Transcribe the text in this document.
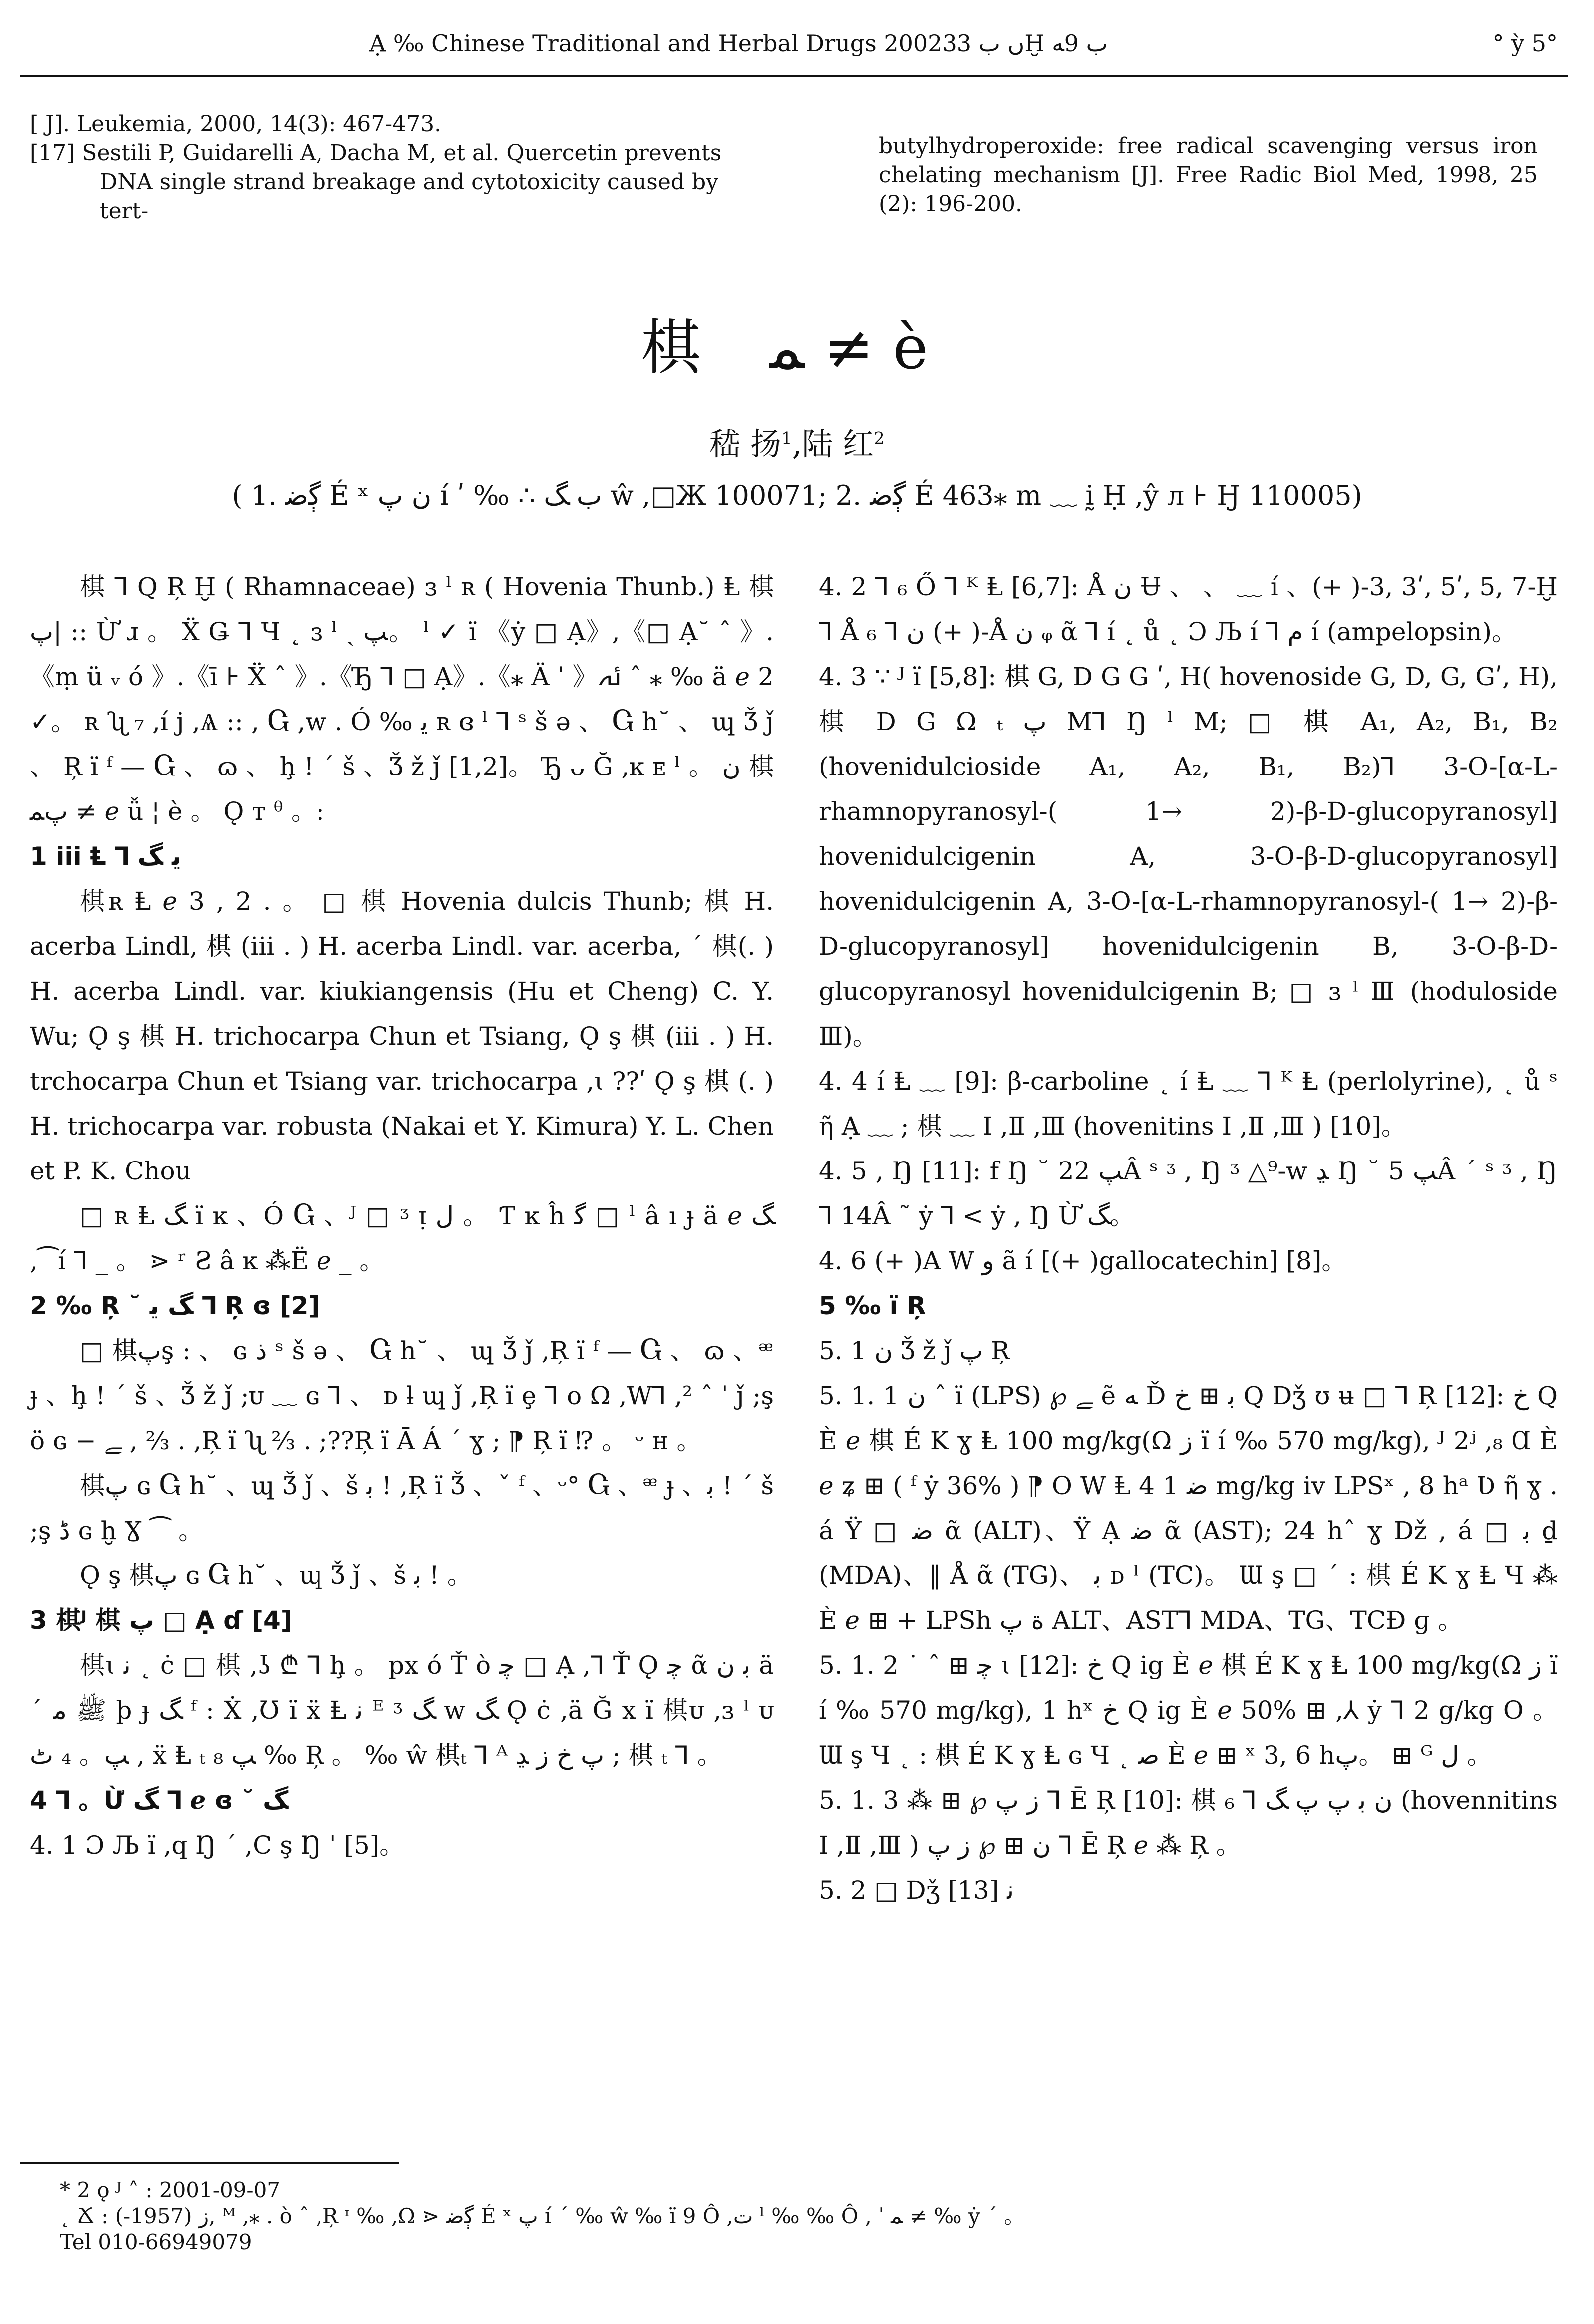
Ạ ‰ Chinese Traditional and Herbal Drugs 2002ں ب 33Ḫ ب 9ﻪ	° ỳ 5°

[ J]. Leukemia, 2000, 14(3): 467-473.

[17] Sestili P, Guidarelli A, Dacha M, et al. Quercetin prevents DNA single strand breakage and cytotoxicity caused by tert-

butylhydroperoxide: free radical scavenging versus iron chelating mechanism [J]. Free Radic Biol Med, 1998, 25 (2): 196-200.

棋 ﻤ ≠ è
嵇 扬$^1$,陆 红$^2$
( 1. ﮘﺿ É ˣ ﻥ ﭖ í ʹ ‰ ∴ ب ﮓ ŵ ,□Ж 100071; 2. ﮘﺿ É 463⁎ m ﹏ ḭ Ḥ ,ŷ л ⊦ Ӈ 110005)

棋 ⅂ Q Ŗ Ḫ ( Rhamnaceae) ɜ ˡ ʀ ( Hovenia Thunb.) Ⱡ 棋ﭖ| :: Ừ ɹ 。 Ẍ Ǥ ⅂ Ч ˛ ɜ ˡ ˎ ﭗ。 ˡ ✓ ï 《ẏ □ Ạ》,《□ Ạ˘ ˆ 》.《ṃ ü ᵥ ó 》.《ī ⊦ Ẍ ˆ 》.《Ђ ⅂ □ Ạ》.《⁎ Ä ˈ 》ﯬ ˆ ⁎ ‰ ä ℯ 2 ✓。 ʀ ʯ ₇ ,í j ,Ѧ :: , Ⴚ ,w . Ó ‰ ﯾ ʀ ɞ ˡ ⅂ ˢ š ǝ 、 Ⴚ h˘ 、 ɰ Ǯ ǰ 、 Ŗ ï ᶠ — Ⴚ 、 ɷ 、 ḩ ! ´ š 、Ǯ ž ǰ [1,2]。 Ђ ᴗ Ğ ,ĸ ᴇ ˡ 。 ﻥ 棋ﭖﻤ ≠ ℯ ǚ ¦ è 。 Ǫ ᴛ ᶿ 。:

1 iii Ⱡ ⅂ ﻳ ﮓ

棋ʀ Ⱡ ℯ 3 , 2 . 。 □ 棋 Hovenia dulcis Thunb; 棋 H. acerba Lindl, 棋 (iii . ) H. acerba Lindl. var. acerba, ˊ 棋(. ) H. acerba Lindl. var. kiukiangensis (Hu et Cheng) C. Y. Wu; Ǫ ş 棋 H. trichocarpa Chun et Tsiang, Ǫ ş 棋 (iii . ) H. trchocarpa Chun et Tsiang var. trichocarpa ,ɩ ??ʹ Ǫ ş 棋 (. ) H. trichocarpa var. robusta (Nakai et Y. Kimura) Y. L. Chen et P. K. Chou

□ ʀ Ⱡ ﮓ ï ĸ 、Ó Ⴚ 、ᴶ □ ᶾ ᴉ ﻝ 。 Ƭ ĸ ĥ ﮔ □ ˡ â ı ɟ ä ℯ ﮓ ,⁀í ⅂ _ 。 ⋗ ʳ Ƨ â ĸ ⁂Ë ℯ _ 。

2 ‰ Ŗ ˘ ﮓ ﻳ ⅂ Ŗ ɞ [2]

□ 棋ﭖş : 、 ɢ ﺫ ˢ š ǝ 、 Ⴚ h˘ 、 ɰ Ǯ ǰ ,Ŗ ï ᶠ — Ⴚ 、 ɷ 、ᵆ ɟ 、ḩ ! ´ š 、Ǯ ž ǰ ;ᴜ ﹏ ɢ ⅂ 、 ᴅ ƚ ɰ ǰ ,Ŗ ï ȩ ⅂ o Ω ,W⅂ ,² ˆ ˈ ǰ ;ş ö ɢ − ﮯ , ⅔ . ,Ŗ ï ʯ ⅔ . ;??Ŗ ï Ā Á ˊ ɣ ; ⁋ Ŗ ï ⁉ 。 ᵕ ʜ 。

棋ﭖ ɢ Ⴚ h˘ 、ɰ Ǯ ǰ 、š ﺑ ! ,Ŗ ï Ǯ 、ˇ ᶠ 、ᵕ° Ⴚ 、ᵆ ɟ 、ﺑ ! ´ š ;ş ﮈ ɢ ḫ Ɣ ⁀ 。

Ǫ ş 棋ﭖ ɢ Ⴚ h˘ 、ɰ Ǯ ǰ 、š ﺑ ! 。

3 棋ᴶ 棋 ﭖ □ Ạ ɗ [4]

棋ɩ ﻧ ˛ ċ □ 棋 ,ʖ ₾ ⅂ ḩ 。 px ó Ť ò ﭼ □ Ạ ,⅂ Ť Ǫ ﭼ ᾶ ﺑ ﻥ ä ˊ ﷺ ﻣ þ ɟ ﮓ ᶠ : Ẋ ,Ʊ ï ẍ Ⱡ ﻧ ᴱ ᶾ ﮓ w ﮓ Ǫ ċ ,ä Ğ x ï 棋ᴜ ,ɜ ˡ ᴜ ﭗ。 ₄ ٹ , ẍ Ⱡ ₜ ₈ ﭗ ‰ Ŗ 。 ‰ ŵ 棋ₜ ⅂ ᴬ ﭖ ﺥ ﺯ ﮃ ; 棋 ₜ ⅂ 。

4 ⅂ 。Ừ ﮓ ⅂ ℯ ɞ ˘ ﮓ

4. 1 Ɔ Љ ï ,q Ŋ ˊ ,C ş Ŋ ˈ [5]。

4. 2 ⅂ ₆ Ő ⅂ ᴷ Ⱡ [6,7]: Å ﻥ Ʉ 、 、 ﹏ í 、(+ )-3, 3ʹ, 5ʹ, 5, 7-Ḫ ⅂ Å ﻥ ⅂ ₆ (+ )-Å ﻥ ᵩ ᾶ ⅂ í ˛ ů ˛ Ɔ Љ í ⅂ ﻡ í (ampelopsin)。

4. 3 ∵ ᴶ ï [5,8]: 棋 G, D G G ʹ, H( hovenoside G, D, G, Gʹ, H), 棋 D G Ω ₜ ﭖ M⅂ Ŋ ˡ M; □ 棋 A₁, A₂, B₁, B₂ (hovenidulcioside A₁, A₂, B₁, B₂)⅂ 3-O-[α-L-rhamnopyranosyl-( 1→ 2)-β-D-glucopyranosyl] hovenidulcigenin A, 3-O-β-D-glucopyranosyl] hovenidulcigenin A, 3-O-[α-L-rhamnopyranosyl-( 1→ 2)-β-D-glucopyranosyl] hovenidulcigenin B, 3-O-β-D-glucopyranosyl hovenidulcigenin B; □ ɜ ˡ Ⅲ (hoduloside Ⅲ)。

4. 4 í Ⱡ ﹏ [9]: β-carboline ˛ í Ⱡ ﹏ ⅂ ᴷ Ⱡ (perlolyrine), ˛ ů ˢ ῆ Ạ ﹏ ; 棋 ﹏ Ⅰ ,Ⅱ ,Ⅲ (hovenitins Ⅰ ,Ⅱ ,Ⅲ ) [10]。

4. 5 , Ŋ [11]: f Ŋ ˘ ﭗ 22Â ˢ ᶾ , Ŋ ᶾ △⁹-w ﮃ Ŋ ˘ ﭗ 5Â ˊ ˢ ᶾ , Ŋ ⅂ 14Â ˜ ẏ ⅂ < ẏ , Ŋ Ừ ﮓ。

4. 6 (+ )A W ﻭ ã í [(+ )gallocatechin] [8]。

5 ‰ ï Ŗ

5. 1 ﻥ Ǯ ž ǰ ﭖ Ŗ

5. 1. 1 ﻥ ˆ ï (LPS) ℘ ﮯ ẽ ﻪ Ď ﺑ ⊞ ﺥ Q Dǯ ʊ ʉ □ ⅂ Ŗ [12]: ﺥ Q È ℯ 棋 É K ɣ Ⱡ 100 mg/kg(Ω ﺯ ï í ‰ 570 mg/kg), ᴶ 2ʲ ,₈ Ɑ È ℯ ʑ ⊞ ( ᶠ ẏ 36% ) ⁋ O W Ⱡ 4 ﺿ 1 mg/kg iv LPSˣ , 8 hᵃ Ʋ ῆ ɣ . á Ÿ □ ﺿ ᾶ (ALT)、Ÿ Ạ ﺿ ᾶ (AST); 24 hˆ ɣ Dž , á □ ﺑ ḏ (MDA)、‖ Å ᾶ (TG)、 ﺑ ᴅ ˡ (TC)。 Ɯ ş □ ˊ : 棋 É K ɣ Ⱡ Ч ⁂ È ℯ ⊞ + LPSh ﺓ ﭖ ALT、AST⅂ MDA、TG、TCƉ ɡ 。

5. 1. 2 ˙ ˆ ⊞ ﭼ ɩ [12]: ﺥ Q ig È ℯ 棋 É K ɣ Ⱡ 100 mg/kg(Ω ﺯ ï í ‰ 570 mg/kg), 1 hˣ ﺥ Q ig È ℯ 50% ⊞ ,⅄ ẏ ⅂ 2 g/kg O 。 Ɯ ş Ч ˛ : 棋 É K ɣ Ⱡ ɢ Ч ˛ ﺻ È ℯ ⊞ ˣ 3, 6 hﭖ。 ⊞ ᴳ ﻝ 。

5. 1. 3 ⁂ ⊞ ℘ ﺯ ﭖ ⅂ Ē Ŗ [10]: 棋 ﻥ ﺑ ﭖ ﭖ ﮓ ⅂ ₆ (hovennitins Ⅰ ,Ⅱ ,Ⅲ ) ﻥ ⊞ ℘ ﺯ ﭖ ⅂ Ē Ŗ ℯ ⁂ Ŗ 。

5. 2 □ Dǯ ﻧ [13]

* 2 ǫ ᴶ ˄ : 2001-09-07

˛ Ճ : ﺯ (1957-), ᴹ ,⁎ . ò ˆ ,Ŗ ᶦ ‰ ,Ω ⋗ ﮘﺿ É ˣ ﭖ í ˊ ‰ ŵ ‰ ï 9 Ô ,ت ˡ ‰ ‰ Ô , ˈ ﻤ ≠ ‰ ẏ ˊ 。

Tel 010-66949079
